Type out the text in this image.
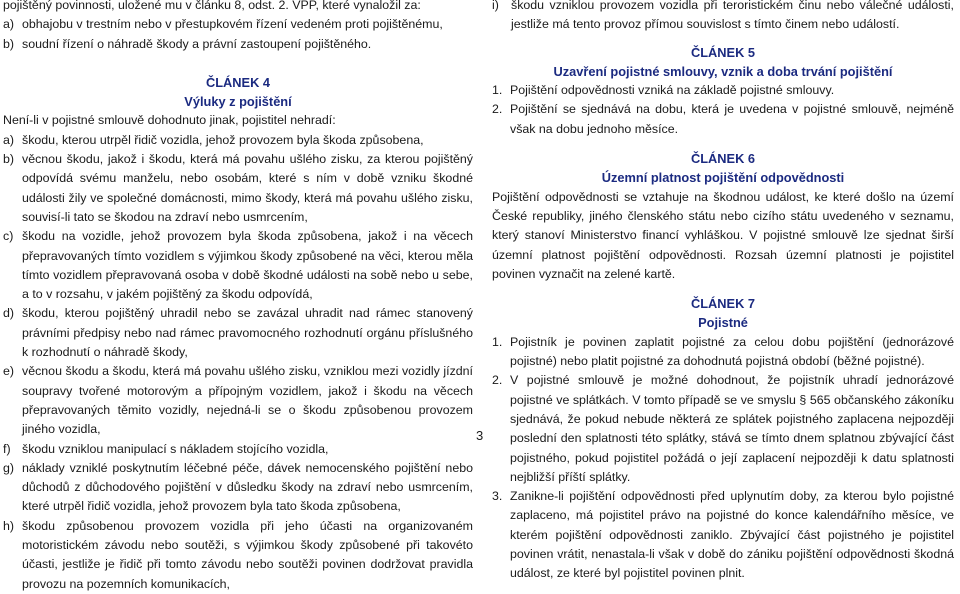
pojištěný povinnosti, uložené mu v článku 8, odst. 2. VPP, které vynaložil za:

a) obhajobu v trestním nebo v přestupkovém řízení vedeném proti pojištěnému,
b) soudní řízení o náhradě škody a právní zastoupení pojištěného.

ČLÁNEK 4

Výluky z pojištění

Není-li v pojistné smlouvě dohodnuto jinak, pojistitel nehradí:

a) škodu, kterou utrpěl řidič vozidla, jehož provozem byla škoda způsobena,
b) věcnou škodu, jakož i škodu, která má povahu ušlého zisku, za kterou pojištěný odpovídá svému manželu, nebo osobám, které s ním v době vzniku škodné události žily ve společné domácnosti, mimo škody, která má povahu ušlého zisku, souvisí-li tato se škodou na zdraví nebo usmrcením,
c) škodu na vozidle, jehož provozem byla škoda způsobena, jakož i na věcech přepravovaných tímto vozidlem s výjimkou škody způsobené na věci, kterou měla tímto vozidlem přepravovaná osoba v době škodné události na sobě nebo u sebe, a to v rozsahu, v jakém pojištěný za škodu odpovídá,
d) škodu, kterou pojištěný uhradil nebo se zavázal uhradit nad rámec stanovený právními předpisy nebo nad rámec pravomocného rozhodnutí orgánu příslušného k rozhodnutí o náhradě škody,
e) věcnou škodu a škodu, která má povahu ušlého zisku, vzniklou mezi vozidly jízdní soupravy tvořené motorovým a přípojným vozidlem, jakož i škodu na věcech přepravovaných těmito vozidly, nejedná-li se o škodu způsobenou provozem jiného vozidla,
f) škodu vzniklou manipulací s nákladem stojícího vozidla,
g) náklady vzniklé poskytnutím léčebné péče, dávek nemocenského pojištění nebo důchodů z důchodového pojištění v důsledku škody na zdraví nebo usmrcením, které utrpěl řidič vozidla, jehož provozem byla tato škoda způsobena,
h) škodu způsobenou provozem vozidla při jeho účasti na organizovaném motoristickém závodu nebo soutěži, s výjimkou škody způsobené při takovéto účasti, jestliže je řidič při tomto závodu nebo soutěži povinen dodržovat pravidla provozu na pozemních komunikacích,
i) škodu vzniklou provozem vozidla při teroristickém činu nebo válečné události, jestliže má tento provoz přímou souvislost s tímto činem nebo událostí.

ČLÁNEK 5

Uzavření pojistné smlouvy, vznik a doba trvání pojištění

1. Pojištění odpovědnosti vzniká na základě pojistné smlouvy.
2. Pojištění se sjednává na dobu, která je uvedena v pojistné smlouvě, nejméně však na dobu jednoho měsíce.

ČLÁNEK 6

Územní platnost pojištění odpovědnosti

Pojištění odpovědnosti se vztahuje na škodnou událost, ke které došlo na území České republiky, jiného členského státu nebo cizího státu uvedeného v seznamu, který stanoví Ministerstvo financí vyhláškou. V pojistné smlouvě lze sjednat širší územní platnost pojištění odpovědnosti. Rozsah územní platnosti je pojistitel povinen vyznačit na zelené kartě.

ČLÁNEK 7

Pojistné

1. Pojistník je povinen zaplatit pojistné za celou dobu pojištění (jednorázové pojistné) nebo platit pojistné za dohodnutá pojistná období (běžné pojistné).
2. V pojistné smlouvě je možné dohodnout, že pojistník uhradí jednorázové pojistné ve splátkách. V tomto případě se ve smyslu § 565 občanského zákoníku sjednává, že pokud nebude některá ze splátek pojistného zaplacena nejpozději poslední den splatnosti této splátky, stává se tímto dnem splatnou zbývající část pojistného, pokud pojistitel požádá o její zaplacení nejpozději k datu splatnosti nejbližší příští splátky.
3. Zanikne-li pojištění odpovědnosti před uplynutím doby, za kterou bylo pojistné zaplaceno, má pojistitel právo na pojistné do konce kalendářního měsíce, ve kterém pojištění odpovědnosti zaniklo. Zbývající část pojistného je pojistitel povinen vrátit, nenastala-li však v době do zániku pojištění odpovědnosti škodná událost, ze které byl pojistitel povinen plnit.
3
